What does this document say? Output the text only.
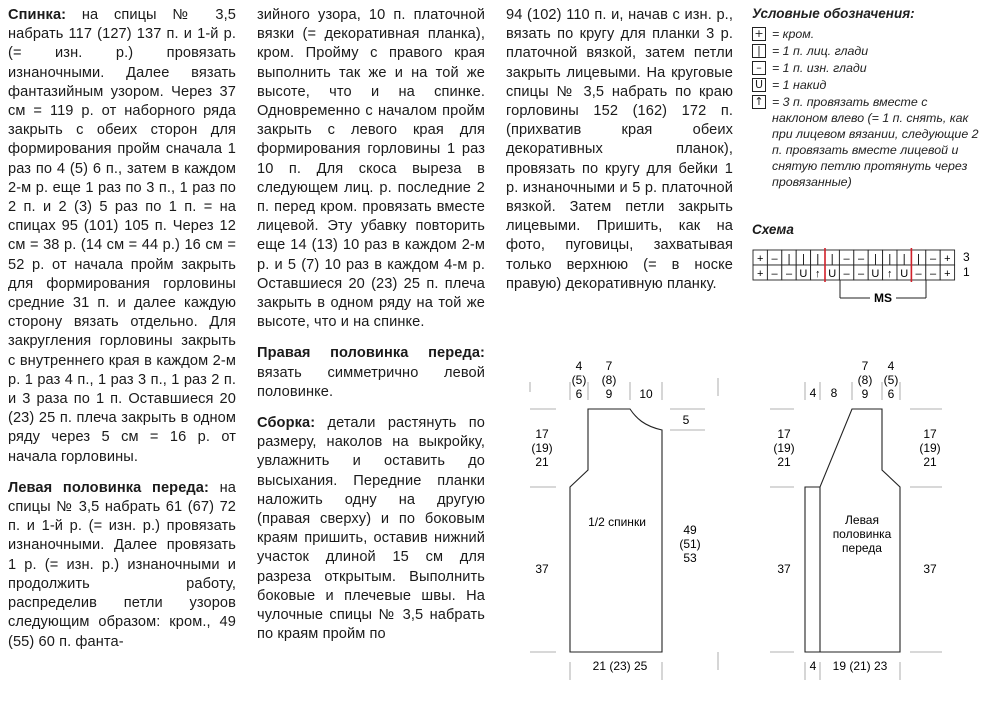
Спинка: на спицы № 3,5 набрать 117 (127) 137 п. и 1-й р. (= изн. р.) провязать изнаночными. Далее вязать фантазийным узором. Через 37 см = 119 р. от наборного ряда закрыть с обеих сторон для формирования пройм сначала 1 раз по 4 (5) 6 п., затем в каждом 2-м р. еще 1 раз по 3 п., 1 раз по 2 п. и 2 (3) 5 раз по 1 п. = на спицах 95 (101) 105 п. Через 12 см = 38 р. (14 см = 44 р.) 16 см = 52 р. от начала пройм закрыть для формирования горловины средние 31 п. и далее каждую сторону вязать отдельно. Для закругления горловины закрыть с внутреннего края в каждом 2-м р. 1 раз 4 п., 1 раз 3 п., 1 раз 2 п. и 3 раза по 1 п. Оставшиеся 20 (23) 25 п. плеча закрыть в одном ряду через 5 см = 16 р. от начала горловины.

Левая половинка переда: на спицы № 3,5 набрать 61 (67) 72 п. и 1-й р. (= изн. р.) провязать изнаночными. Далее провязать 1 р. (= изн. р.) изнаночными и продолжить работу, распределив петли узоров следующим образом: кром., 49 (55) 60 п. фанта-

зийного узора, 10 п. платочной вязки (= декоративная планка), кром. Пройму с правого края выполнить так же и на той же высоте, что и на спинке. Одновременно с началом пройм закрыть с левого края для формирования горловины 1 раз 10 п. Для скоса выреза в следующем лиц. р. последние 2 п. перед кром. провязать вместе лицевой. Эту убавку повторить еще 14 (13) 10 раз в каждом 2-м р. и 5 (7) 10 раз в каждом 4-м р. Оставшиеся 20 (23) 25 п. плеча закрыть в одном ряду на той же высоте, что и на спинке.

Правая половинка переда: вязать симметрично левой половинке.

Сборка: детали растянуть по размеру, наколов на выкройку, увлажнить и оставить до высыхания. Передние планки наложить одну на другую (правая сверху) и по боковым краям пришить, оставив нижний участок длиной 15 см для разреза открытым. Выполнить боковые и плечевые швы. На чулочные спицы № 3,5 набрать по краям пройм по

94 (102) 110 п. и, начав с изн. р., вязать по кругу для планки 3 р. платочной вязкой, затем петли закрыть лицевыми. На круговые спицы № 3,5 набрать по краю горловины 152 (162) 172 п. (прихватив края обеих декоративных планок), провязать по кругу для бейки 1 р. изнаночными и 5 р. платочной вязкой. Затем петли закрыть лицевыми. Пришить, как на фото, пуговицы, захватывая только верхнюю (= в носке правую) декоративную планку.

Условные обозначения:
+ = кром.
| = 1 п. лиц. глади
– = 1 п. изн. глади
U = 1 накид
↑ = 3 п. провязать вместе с наклоном влево (= 1 п. снять, как при лицевом вязании, следующие 2 п. провязать вместе лицевой и снятую петлю протянуть через провязанные)
Схема
+ – | | | | – – | | | | – +
+ – – U ↑ U – – U ↑ U – – +
3
1
MS
1/2 спинки
4 (5) 6
7 (8) 9	10
5
17 (19) 21
37
49 (51) 53
21 (23) 25
Левая половинка переда
4 8
7 (8) 9
4 (5) 6
17 (19) 21
17 (19) 21
37	37
4 19 (21) 23
